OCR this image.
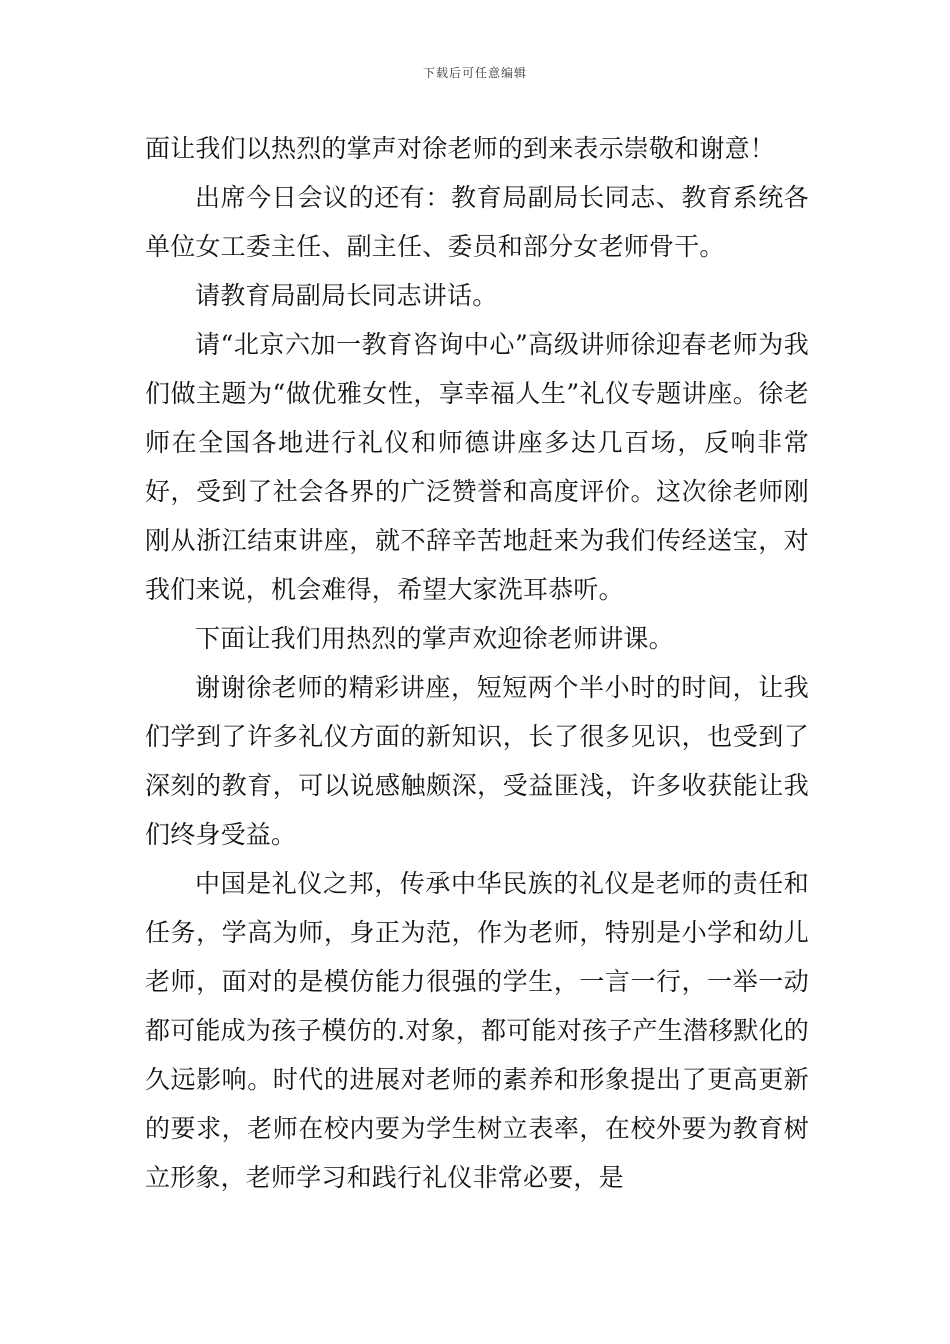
下载后可任意编辑

面让我们以热烈的掌声对徐老师的到来表示崇敬和谢意！

出席今日会议的还有：教育局副局长同志、教育系统各单位女工委主任、副主任、委员和部分女老师骨干。

请教育局副局长同志讲话。

请“北京六加一教育咨询中心”高级讲师徐迎春老师为我们做主题为“做优雅女性，享幸福人生”礼仪专题讲座。徐老师在全国各地进行礼仪和师德讲座多达几百场，反响非常好，受到了社会各界的广泛赞誉和高度评价。这次徐老师刚刚从浙江结束讲座，就不辞辛苦地赶来为我们传经送宝，对我们来说，机会难得，希望大家洗耳恭听。

下面让我们用热烈的掌声欢迎徐老师讲课。

谢谢徐老师的精彩讲座，短短两个半小时的时间，让我们学到了许多礼仪方面的新知识，长了很多见识，也受到了深刻的教育，可以说感触颇深，受益匪浅，许多收获能让我们终身受益。

中国是礼仪之邦，传承中华民族的礼仪是老师的责任和任务，学高为师，身正为范，作为老师，特别是小学和幼儿老师，面对的是模仿能力很强的学生，一言一行，一举一动都可能成为孩子模仿的.对象，都可能对孩子产生潜移默化的久远影响。时代的进展对老师的素养和形象提出了更高更新的要求，老师在校内要为学生树立表率，在校外要为教育树立形象，老师学习和践行礼仪非常必要，是
